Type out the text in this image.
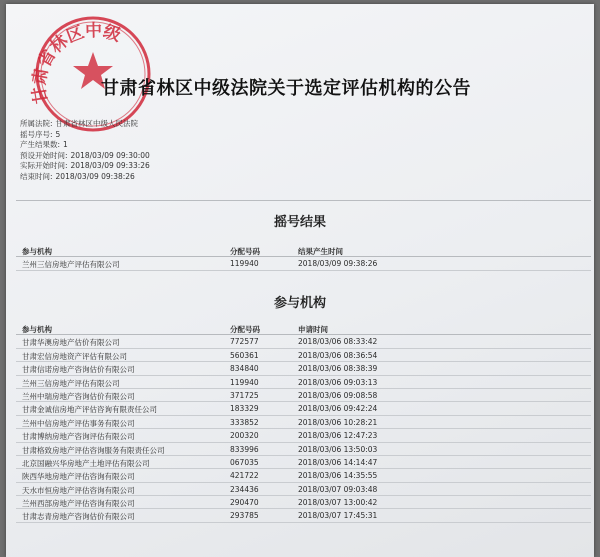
甘肃省林区中级
甘肃省林区中级法院关于选定评估机构的公告
所属法院: 甘肃省林区中级人民法院
摇号序号: 5
产生结果数: 1
预设开始时间: 2018/03/09 09:30:00
实际开始时间: 2018/03/09 09:33:26
结束时间: 2018/03/09 09:38:26
摇号结果
参与机构	分配号码	结果产生时间
兰州三信房地产评估有限公司	119940	2018/03/09 09:38:26
参与机构
参与机构	分配号码	申请时间
甘肃华澳房地产估价有限公司	772577	2018/03/06 08:33:42
甘肃宏信房地资产评估有限公司	560361	2018/03/06 08:36:54
甘肃信诺房地产咨询估价有限公司	834840	2018/03/06 08:38:39
兰州三信房地产评估有限公司	119940	2018/03/06 09:03:13
兰州中瑞房地产咨询估价有限公司	371725	2018/03/06 09:08:58
甘肃金诚信房地产评估咨询有限责任公司	183329	2018/03/06 09:42:24
兰州中信房地产评估事务有限公司	333852	2018/03/06 10:28:21
甘肃博纳房地产咨询评估有限公司	200320	2018/03/06 12:47:23
甘肃格致房地产评估咨询服务有限责任公司	833996	2018/03/06 13:50:03
北京国融兴华房地产土地评估有限公司	067035	2018/03/06 14:14:47
陕西华地房地产评估咨询有限公司	421722	2018/03/06 14:35:55
天水市恒房地产评估咨询有限公司	234436	2018/03/07 09:03:48
兰州西部房地产评估咨询有限公司	290470	2018/03/07 13:00:42
甘肃志青房地产咨询估价有限公司	293785	2018/03/07 17:45:31
